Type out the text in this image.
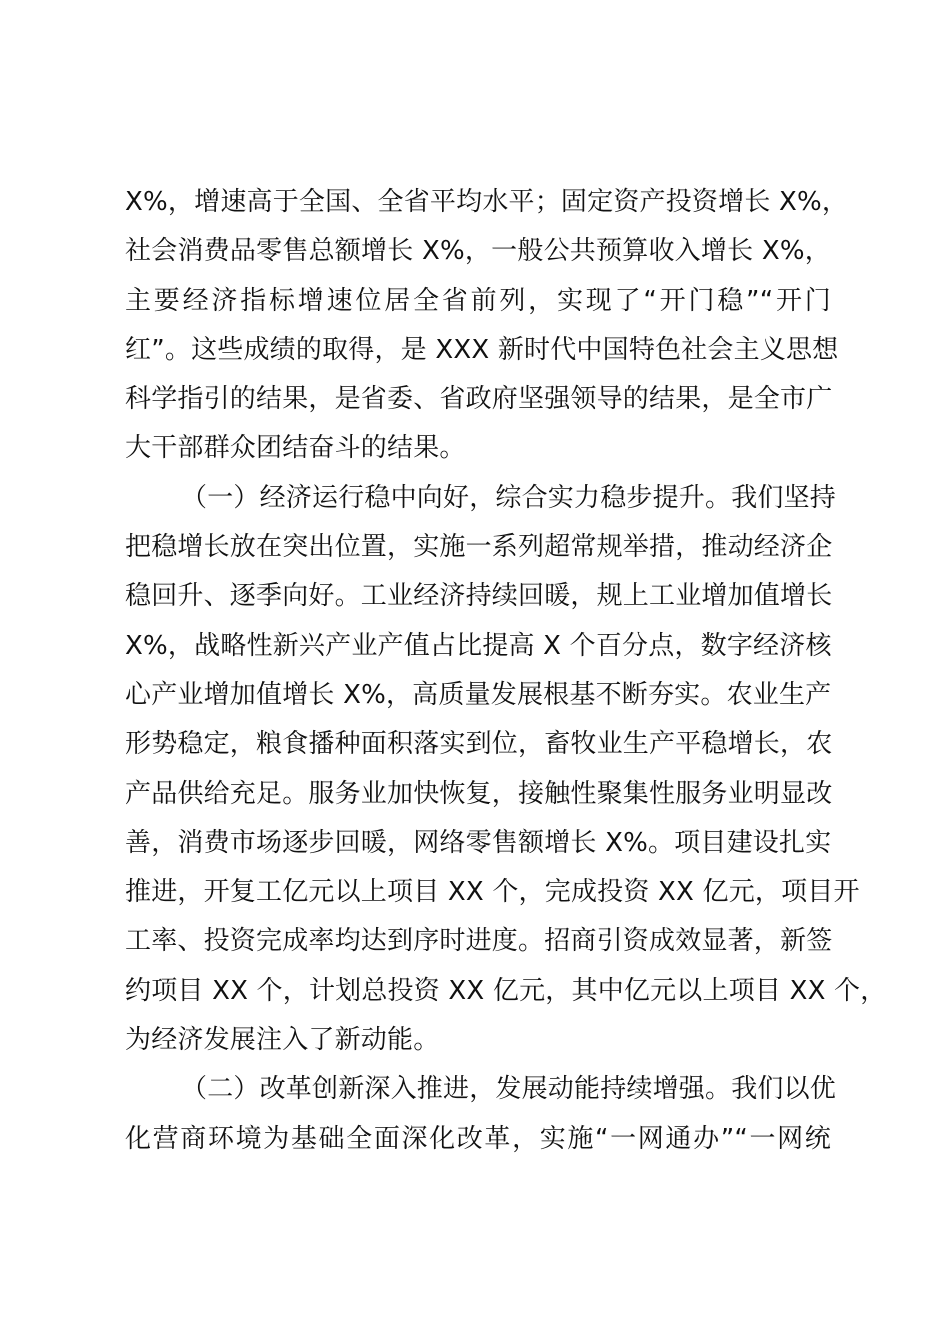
X%，增速高于全国、全省平均水平；固定资产投资增长 X%，
社会消费品零售总额增长 X%，一般公共预算收入增长 X%，
主要经济指标增速位居全省前列，实现了“开门稳”“开门
红”。这些成绩的取得，是 XXX 新时代中国特色社会主义思想
科学指引的结果，是省委、省政府坚强领导的结果，是全市广
大干部群众团结奋斗的结果。
（一）经济运行稳中向好，综合实力稳步提升。我们坚持
把稳增长放在突出位置，实施一系列超常规举措，推动经济企
稳回升、逐季向好。工业经济持续回暖，规上工业增加值增长
X%，战略性新兴产业产值占比提高 X 个百分点，数字经济核
心产业增加值增长 X%，高质量发展根基不断夯实。农业生产
形势稳定，粮食播种面积落实到位，畜牧业生产平稳增长，农
产品供给充足。服务业加快恢复，接触性聚集性服务业明显改
善，消费市场逐步回暖，网络零售额增长 X%。项目建设扎实
推进，开复工亿元以上项目 XX 个，完成投资 XX 亿元，项目开
工率、投资完成率均达到序时进度。招商引资成效显著，新签
约项目 XX 个，计划总投资 XX 亿元，其中亿元以上项目 XX 个，
为经济发展注入了新动能。
（二）改革创新深入推进，发展动能持续增强。我们以优
化营商环境为基础全面深化改革，实施“一网通办”“一网统
